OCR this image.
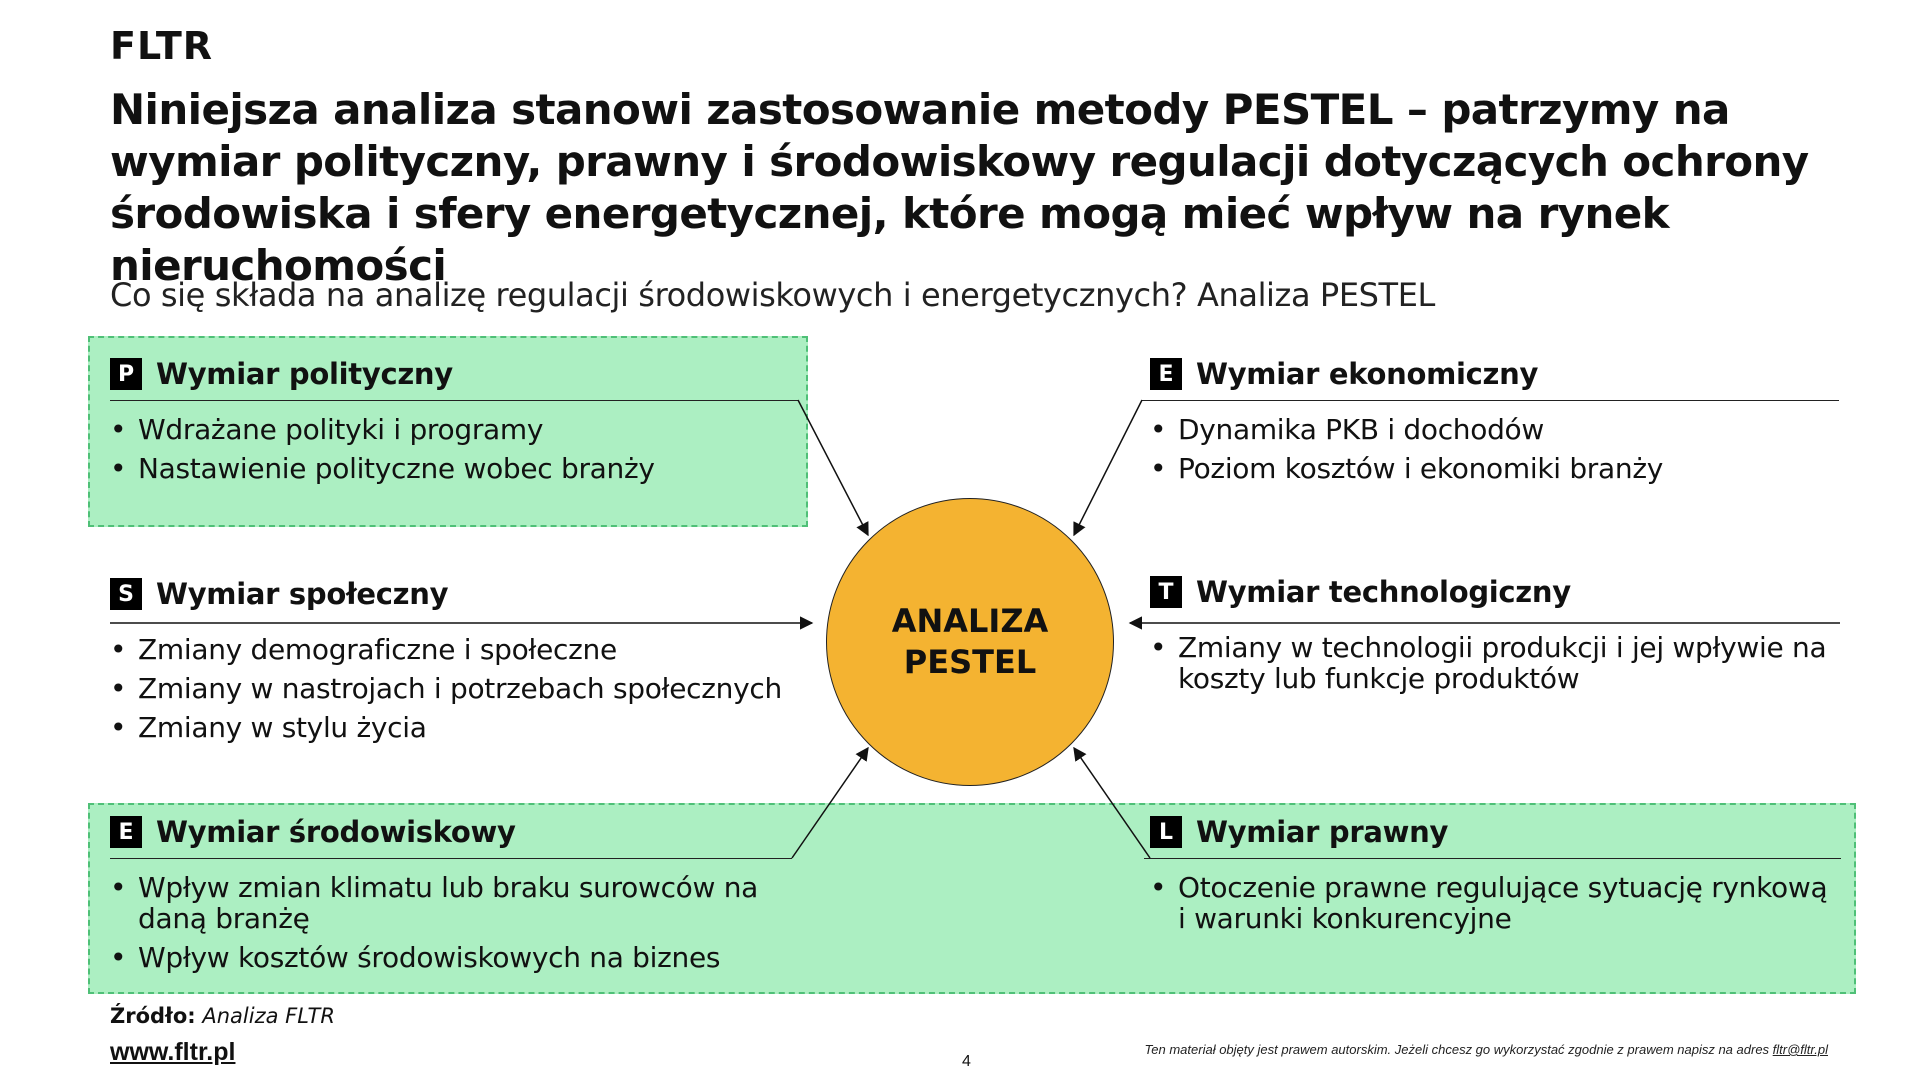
FLTR
Niniejsza analiza stanowi zastosowanie metody PESTEL – patrzymy na wymiar polityczny, prawny i środowiskowy regulacji dotyczących ochrony środowiska i sfery energetycznej, które mogą mieć wpływ na rynek nieruchomości
Co się składa na analizę regulacji środowiskowych i energetycznych? Analiza PESTEL
P Wymiar polityczny
• Wdrażane polityki i programy
• Nastawienie polityczne wobec branży
E Wymiar ekonomiczny
• Dynamika PKB i dochodów
• Poziom kosztów i ekonomiki branży
S Wymiar społeczny
• Zmiany demograficzne i społeczne
• Zmiany w nastrojach i potrzebach społecznych
• Zmiany w stylu życia
T Wymiar technologiczny
• Zmiany w technologii produkcji i jej wpływie na koszty lub funkcje produktów
E Wymiar środowiskowy
• Wpływ zmian klimatu lub braku surowców na daną branżę
• Wpływ kosztów środowiskowych na biznes
L Wymiar prawny
• Otoczenie prawne regulujące sytuację rynkową i warunki konkurencyjne
ANALIZA
PESTEL
Źródło: Analiza FLTR
www.fltr.pl	4
Ten materiał objęty jest prawem autorskim. Jeżeli chcesz go wykorzystać zgodnie z prawem napisz na adres fltr@fltr.pl
